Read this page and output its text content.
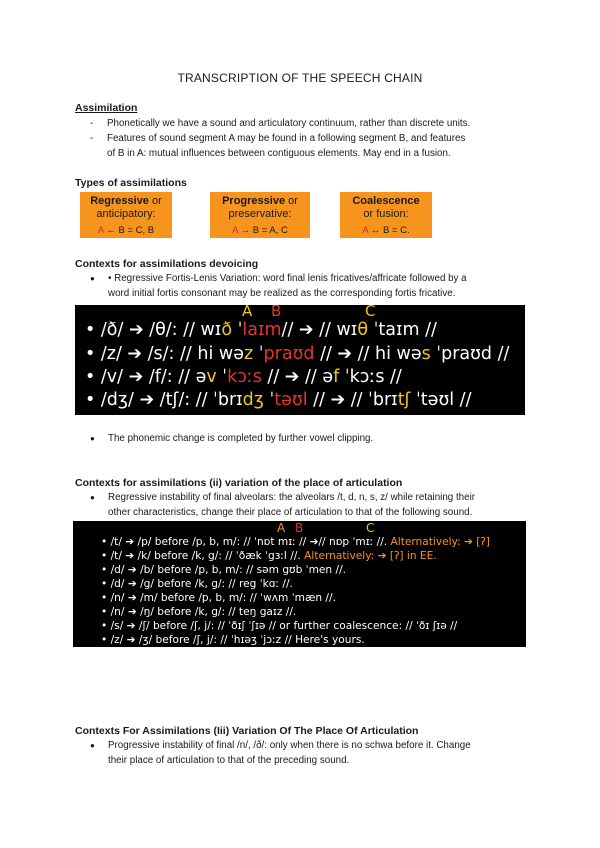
TRANSCRIPTION OF THE SPEECH CHAIN
Assimilation
- Phonetically we have a sound and articulatory continuum, rather than discrete units.
- Features of sound segment A may be found in a following segment B, and features
of B in A: mutual influences between contiguous elements. May end in a fusion.
Types of assimilations
Regressive or
anticipatory:
A ← B = C, B
Progressive or
preservative:
A → B = A, C
Coalescence
or fusion:
A ↔ B = C.
Contexts for assimilations devoicing
● • Regressive Fortis-Lenis Variation: word final lenis fricatives/affricate followed by a
word initial fortis consonant may be realized as the corresponding fortis fricative.
A B	C
• /ð/ ➔ /θ/: // wɪð ˈlaɪm// ➔ // wɪθ ˈtaɪm //
• /z/ ➔ /s/: // hi wəz ˈpraʊd // ➔ // hi wəs ˈpraʊd //
• /v/ ➔ /f/: // əv ˈkɔːs // ➔ // əf ˈkɔːs //
• /dʒ/ ➔ /tʃ/: // ˈbrɪdʒ ˈtəʊl // ➔ // ˈbrɪtʃ ˈtəʊl //
● The phonemic change is completed by further vowel clipping.
Contexts for assimilations (ii) variation of the place of articulation
● Regressive instability of final alveolars: the alveolars /t, d, n, s, z/ while retaining their
other characteristics, change their place of articulation to that of the following sound.
A B	C
• /t/ ➔ /p/ before /p, b, m/: // ˈnɒt mɪː // ➔// nɒp ˈmɪː //. Alternatively: ➔ [ʔ]
• /t/ ➔ /k/ before /k, g/: // ˈðæk ˈgɜːl //. Alternatively: ➔ [ʔ] in EE.
• /d/ ➔ /b/ before /p, b, m/: // səm gʊb ˈmen //.
• /d/ ➔ /g/ before /k, g/: // reg ˈkɑː //.
• /n/ ➔ /m/ before /p, b, m/: // ˈwʌm ˈmæn //.
• /n/ ➔ /ŋ/ before /k, g/: // teŋ gaɪz //.
• /s/ ➔ /ʃ/ before /ʃ, j/: // ˈðɪʃ ˈʃɪə // or further coalescence: // ˈðɪ ʃɪə //
• /z/ ➔ /ʒ/ before /ʃ, j/: // ˈhɪəʒ ˈjɔːz // Here's yours.
Contexts For Assimilations (Iii) Variation Of The Place Of Articulation
● Progressive instability of final /n/, /ð/: only when there is no schwa before it. Change
their place of articulation to that of the preceding sound.
